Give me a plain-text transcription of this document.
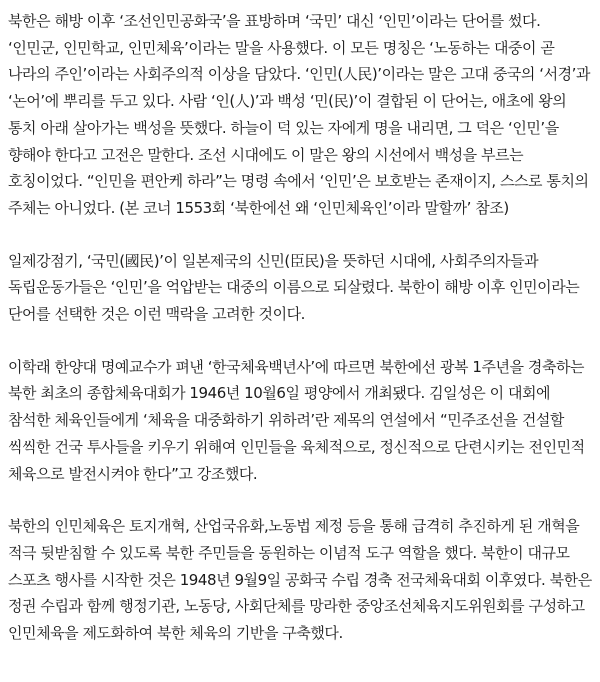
북한은 해방 이후 ‘조선인민공화국’을 표방하며 ‘국민’ 대신 ‘인민’이라는 단어를 썼다. ‘인민군, 인민학교, 인민체육’이라는 말을 사용했다. 이 모든 명칭은 ‘노동하는 대중이 곧 나라의 주인’이라는 사회주의적 이상을 담았다. ‘인민(人民)’이라는 말은 고대 중국의 ‘서경’과 ‘논어’에 뿌리를 두고 있다. 사람 ‘인(人)’과 백성 ‘민(民)’이 결합된 이 단어는, 애초에 왕의 통치 아래 살아가는 백성을 뜻했다. 하늘이 덕 있는 자에게 명을 내리면, 그 덕은 ‘인민’을 향해야 한다고 고전은 말한다. 조선 시대에도 이 말은 왕의 시선에서 백성을 부르는 호칭이었다. “인민을 편안케 하라”는 명령 속에서 ‘인민’은 보호받는 존재이지, 스스로 통치의 주체는 아니었다. (본 코너 1553회 ‘북한에선 왜 ‘인민체육인’이라 말할까’ 참조)

일제강점기, ‘국민(國民)’이 일본제국의 신민(臣民)을 뜻하던 시대에, 사회주의자들과 독립운동가들은 ‘인민’을 억압받는 대중의 이름으로 되살렸다. 북한이 해방 이후 인민이라는 단어를 선택한 것은 이런 맥락을 고려한 것이다.

이학래 한양대 명예교수가 펴낸 ‘한국체육백년사’에 따르면 북한에선 광복 1주년을 경축하는 북한 최초의 종합체육대회가 1946년 10월6일 평양에서 개최됐다. 김일성은 이 대회에 참석한 체육인들에게 ‘체육을 대중화하기 위하려’란 제목의 연설에서 “민주조선을 건설할 씩씩한 건국 투사들을 키우기 위해여 인민들을 육체적으로, 정신적으로 단련시키는 전인민적 체육으로 발전시켜야 한다”고 강조했다.

북한의 인민체육은 토지개혁, 산업국유화,노동법 제정 등을 통해 급격히 추진하게 된 개혁을 적극 뒷받침할 수 있도록 북한 주민들을 동원하는 이념적 도구 역할을 했다. 북한이 대규모 스포츠 행사를 시작한 것은 1948년 9월9일 공화국 수립 경축 전국체육대회 이후였다. 북한은 정권 수립과 함께 행정기관, 노동당, 사회단체를 망라한 중앙조선체육지도위원회를 구성하고 인민체육을 제도화하여 북한 체육의 기반을 구축했다.
